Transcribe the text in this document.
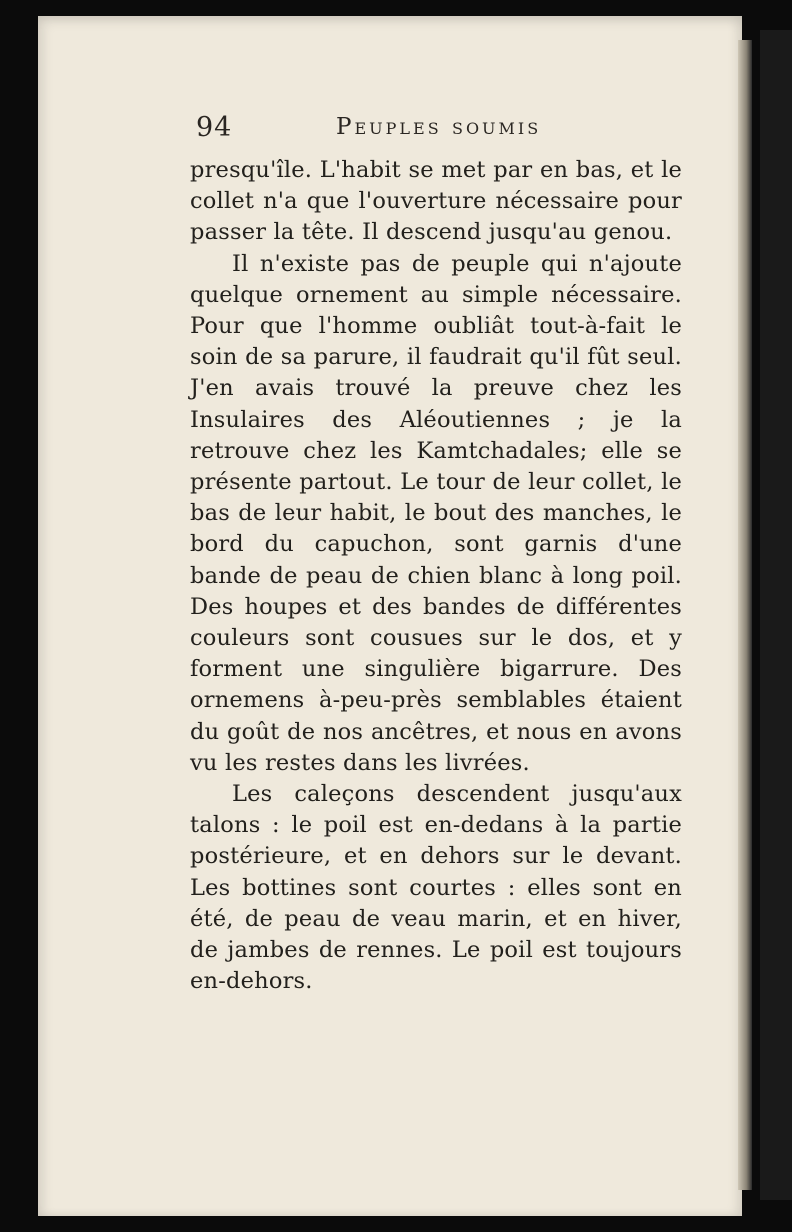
94	Peuples soumis

presqu'île. L'habit se met par en bas, et le collet n'a que l'ouverture nécessaire pour passer la tête. Il descend jusqu'au genou.

Il n'existe pas de peuple qui n'ajoute quelque ornement au simple nécessaire. Pour que l'homme oubliât tout-à-fait le soin de sa parure, il faudrait qu'il fût seul. J'en avais trouvé la preuve chez les Insulaires des Aléoutiennes ; je la retrouve chez les Kamtchadales; elle se présente partout. Le tour de leur collet, le bas de leur habit, le bout des manches, le bord du capuchon, sont garnis d'une bande de peau de chien blanc à long poil. Des houpes et des bandes de différentes couleurs sont cousues sur le dos, et y forment une singulière bigarrure. Des ornemens à-peu-près semblables étaient du goût de nos ancêtres, et nous en avons vu les restes dans les livrées.

Les caleçons descendent jusqu'aux talons : le poil est en-dedans à la partie postérieure, et en dehors sur le devant. Les bottines sont courtes : elles sont en été, de peau de veau marin, et en hiver, de jambes de rennes. Le poil est toujours en-dehors.
